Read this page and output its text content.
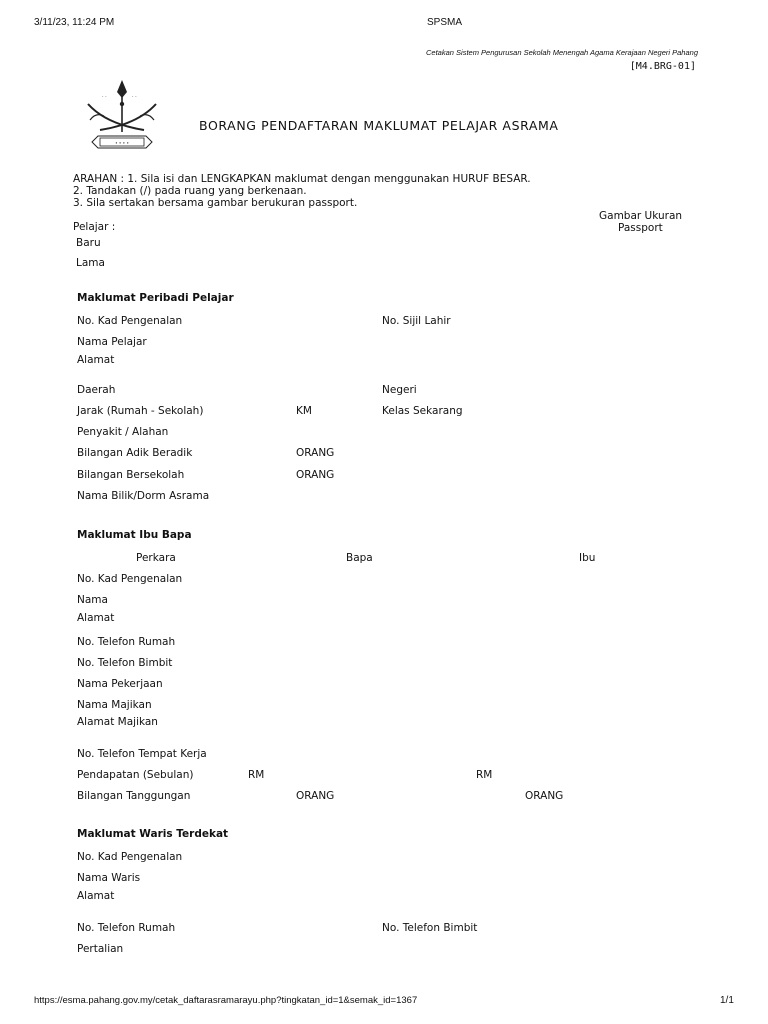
3/11/23, 11:24 PM	SPSMA
Cetakan Sistem Pengurusan Sekolah Menengah Agama Kerajaan Negeri Pahang
[M4.BRG-01]
· ·	· ·
• • • •
BORANG PENDAFTARAN MAKLUMAT PELAJAR ASRAMA
ARAHAN : 1. Sila isi dan LENGKAPKAN maklumat dengan menggunakan HURUF BESAR.
2. Tandakan (/) pada ruang yang berkenaan.
3. Sila sertakan bersama gambar berukuran passport.
Gambar Ukuran
Passport
Pelajar :
Baru
Lama
Maklumat Peribadi Pelajar
No. Kad Pengenalan	No. Sijil Lahir
Nama Pelajar
Alamat
Daerah	Negeri
Jarak (Rumah - Sekolah)	KM	Kelas Sekarang
Penyakit / Alahan
Bilangan Adik Beradik	ORANG
Bilangan Bersekolah	ORANG
Nama Bilik/Dorm Asrama
Maklumat Ibu Bapa
Perkara	Bapa	Ibu
No. Kad Pengenalan
Nama
Alamat
No. Telefon Rumah
No. Telefon Bimbit
Nama Pekerjaan
Nama Majikan
Alamat Majikan
No. Telefon Tempat Kerja
Pendapatan (Sebulan)	RM	RM
Bilangan Tanggungan	ORANG	ORANG
Maklumat Waris Terdekat
No. Kad Pengenalan
Nama Waris
Alamat
No. Telefon Rumah	No. Telefon Bimbit
Pertalian
https://esma.pahang.gov.my/cetak_daftarasramarayu.php?tingkatan_id=1&semak_id=1367	1/1
